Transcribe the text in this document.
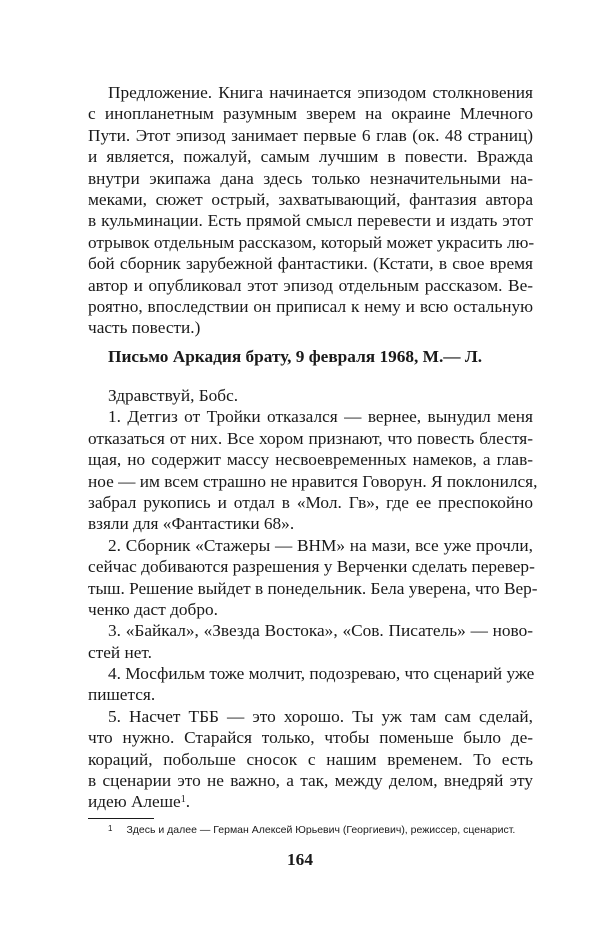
Предложение. Книга начинается эпизодом столкновения
с инопланетным разумным зверем на окраине Млечного
Пути. Этот эпизод занимает первые 6 глав (ок. 48 страниц)
и является, пожалуй, самым лучшим в повести. Вражда
внутри экипажа дана здесь только незначительными на-
меками, сюжет острый, захватывающий, фантазия автора
в кульминации. Есть прямой смысл перевести и издать этот
отрывок отдельным рассказом, который может украсить лю-
бой сборник зарубежной фантастики. (Кстати, в свое время
автор и опубликовал этот эпизод отдельным рассказом. Ве-
роятно, впоследствии он приписал к нему и всю остальную
часть повести.)
Письмо Аркадия брату, 9 февраля 1968, М.— Л.
Здравствуй, Бобс.
1. Детгиз от Тройки отказался — вернее, вынудил меня
отказаться от них. Все хором признают, что повесть блестя-
щая, но содержит массу несвоевременных намеков, а глав-
ное — им всем страшно не нравится Говорун. Я поклонился,
забрал рукопись и отдал в «Мол. Гв», где ее преспокойно
взяли для «Фантастики 68».
2. Сборник «Стажеры — ВНМ» на мази, все уже прочли,
сейчас добиваются разрешения у Верченки сделать перевер-
тыш. Решение выйдет в понедельник. Бела уверена, что Вер-
ченко даст добро.
3. «Байкал», «Звезда Востока», «Сов. Писатель» — ново-
стей нет.
4. Мосфильм тоже молчит, подозреваю, что сценарий уже
пишется.
5. Насчет ТББ — это хорошо. Ты уж там сам сделай,
что нужно. Старайся только, чтобы поменьше было де-
кораций, побольше сносок с нашим временем. То есть
в сценарии это не важно, а так, между делом, внедряй эту
идею Алеше$^1$.
$^1$ Здесь и далее — Герман Алексей Юрьевич (Георгиевич), режиссер, сценарист.
164
